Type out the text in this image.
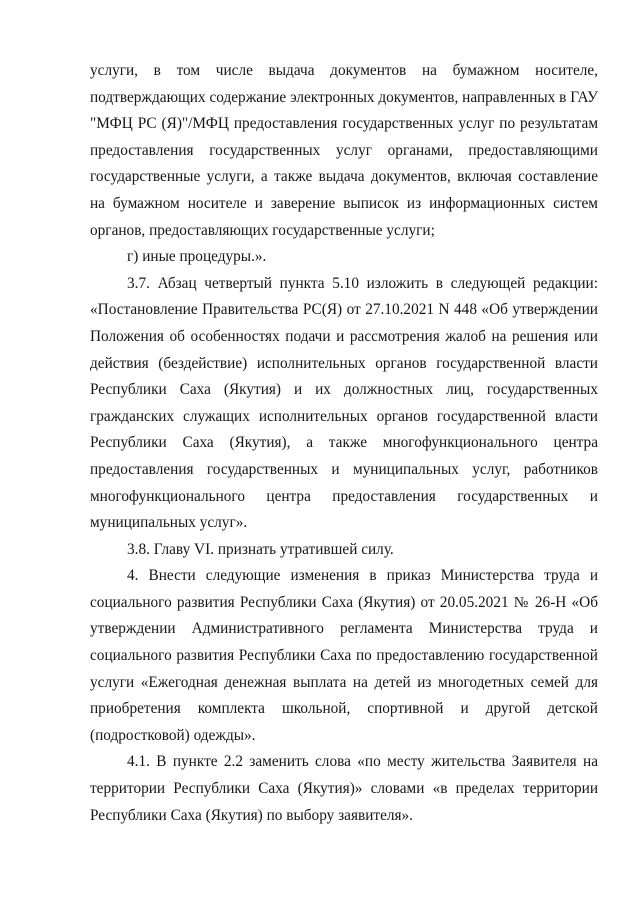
услуги, в том числе выдача документов на бумажном носителе, подтверждающих содержание электронных документов, направленных в ГАУ "МФЦ РС (Я)"/МФЦ предоставления государственных услуг по результатам предоставления государственных услуг органами, предоставляющими государственные услуги, а также выдача документов, включая составление на бумажном носителе и заверение выписок из информационных систем органов, предоставляющих государственные услуги;

г) иные процедуры.».

3.7. Абзац четвертый пункта 5.10 изложить в следующей редакции: «Постановление Правительства РС(Я) от 27.10.2021 N 448 «Об утверждении Положения об особенностях подачи и рассмотрения жалоб на решения или действия (бездействие) исполнительных органов государственной власти Республики Саха (Якутия) и их должностных лиц, государственных гражданских служащих исполнительных органов государственной власти Республики Саха (Якутия), а также многофункционального центра предоставления государственных и муниципальных услуг, работников многофункционального центра предоставления государственных и муниципальных услуг».

3.8. Главу VI. признать утратившей силу.

4. Внести следующие изменения в приказ Министерства труда и социального развития Республики Саха (Якутия) от 20.05.2021 № 26-Н «Об утверждении Административного регламента Министерства труда и социального развития Республики Саха по предоставлению государственной услуги «Ежегодная денежная выплата на детей из многодетных семей для приобретения комплекта школьной, спортивной и другой детской (подростковой) одежды».

4.1. В пункте 2.2 заменить слова «по месту жительства Заявителя на территории Республики Саха (Якутия)» словами «в пределах территории Республики Саха (Якутия) по выбору заявителя».
